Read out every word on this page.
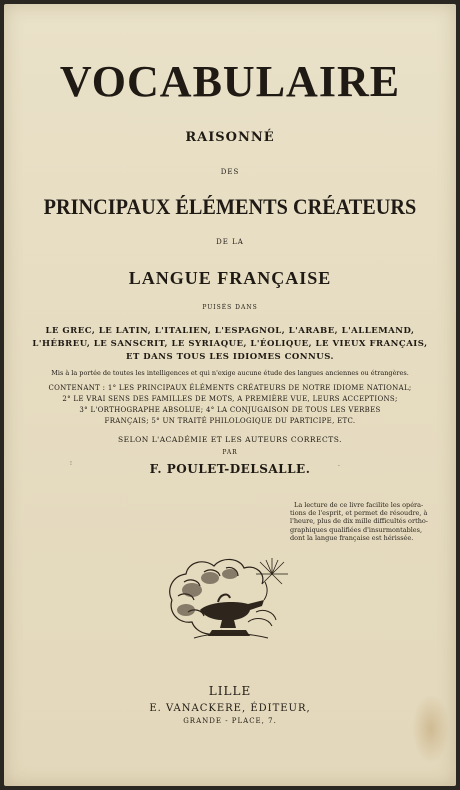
VOCABULAIRE
RAISONNÉ
DES
PRINCIPAUX ÉLÉMENTS CRÉATEURS
DE LA
LANGUE FRANÇAISE
PUISÉS DANS
LE GREC, LE LATIN, L'ITALIEN, L'ESPAGNOL, L'ARABE, L'ALLEMAND,
L'HÉBREU, LE SANSCRIT, LE SYRIAQUE, L'ÉOLIQUE, LE VIEUX FRANÇAIS,
ET DANS TOUS LES IDIOMES CONNUS.
Mis à la portée de toutes les intelligences et qui n'exige aucune étude des langues anciennes ou étrangères.
CONTENANT : 1° LES PRINCIPAUX ÉLÉMENTS CRÉATEURS DE NOTRE IDIOME NATIONAL;
2° LE VRAI SENS DES FAMILLES DE MOTS, A PREMIÈRE VUE, LEURS ACCEPTIONS;
3° L'ORTHOGRAPHE ABSOLUE; 4° LA CONJUGAISON DE TOUS LES VERBES
FRANÇAIS; 5° UN TRAITÉ PHILOLOGIQUE DU PARTICIPE, ETC.
SELON L'ACADÉMIE ET LES AUTEURS CORRECTS.
PAR
F. POULET-DELSALLE.
⁝	·
La lecture de ce livre facilite les opéra-
tions de l'esprit, et permet de résoudre, à
l'heure, plus de dix mille difficultés ortho-
graphiques qualifiées d'insurmontables,
dont la langue française est hérissée.
LILLE
E. VANACKERE, ÉDITEUR,
GRANDE - PLACE, 7.
